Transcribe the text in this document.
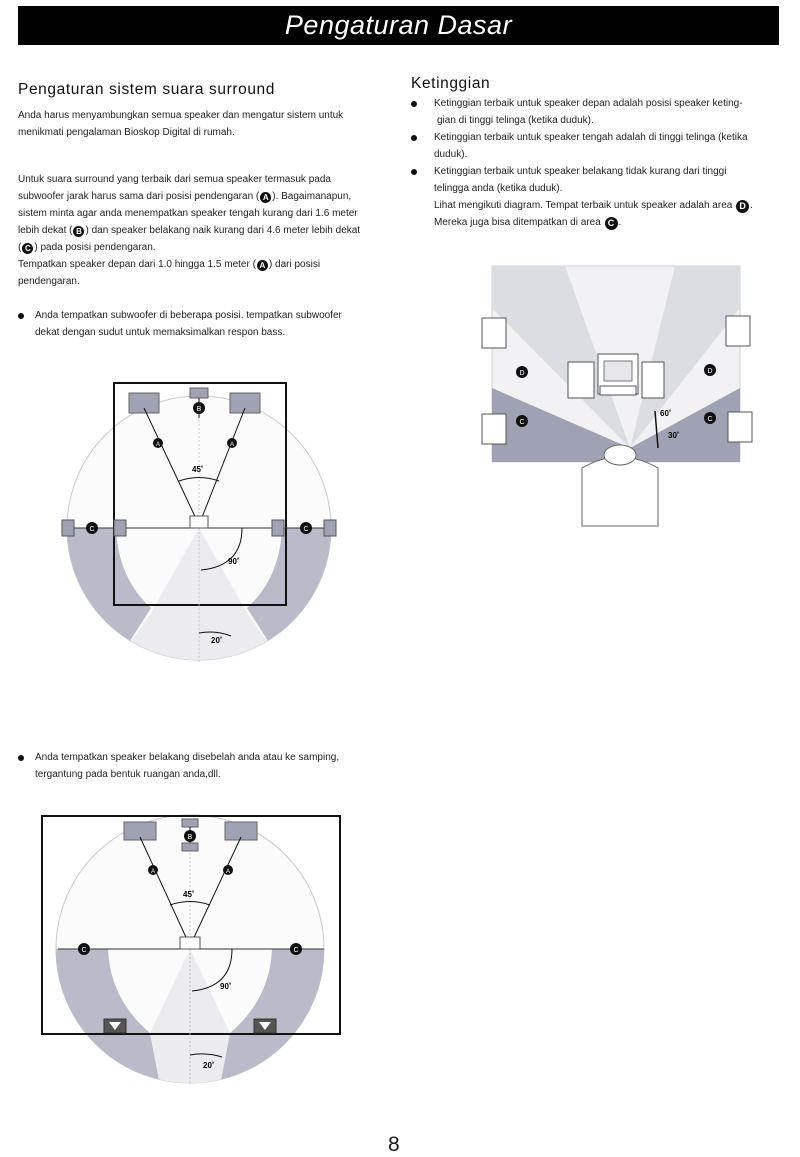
Pengaturan Dasar
Pengaturan sistem suara surround
Anda harus menyambungkan semua speaker dan mengatur sistem untuk
menikmati pengalaman Bioskop Digital di rumah.
Untuk suara surround yang terbaik dari semua speaker termasuk pada
subwoofer jarak harus sama dari posisi pendengaran ( A ). Bagaimanapun,
sistem minta agar anda menempatkan speaker tengah kurang dari 1.6 meter
lebih dekat ( B ) dan speaker belakang naik kurang dari 4.6 meter lebih dekat
( C ) pada posisi pendengaran.
Tempatkan speaker depan dari 1.0 hingga 1.5 meter ( A ) dari posisi
pendengaran.
Anda tempatkan subwoofer di beberapa posisi. tempatkan subwoofer
dekat dengan sudut untuk memaksimalkan respon bass.
Anda tempatkan speaker belakang disebelah anda atau ke samping,
tergantung pada bentuk ruangan anda,dll.
Ketinggian
Ketinggian terbaik untuk speaker depan adalah posisi speaker keting-
gian di tinggi telinga (ketika duduk).
Ketinggian terbaik untuk speaker tengah adalah di tinggi telinga (ketika
duduk).
Ketinggian terbaik untuk speaker belakang tidak kurang dari tinggi
telingga anda (ketika duduk).
Lihat mengikuti diagram. Tempat terbaik untuk speaker adalah area D .
Mereka juga bisa ditempatkan di area C .
D	D
C	C
60˚
30˚
B
A	A
45˚
C	C
90˚
20˚
B
A	A
45˚
C	C
90˚
20˚
8
